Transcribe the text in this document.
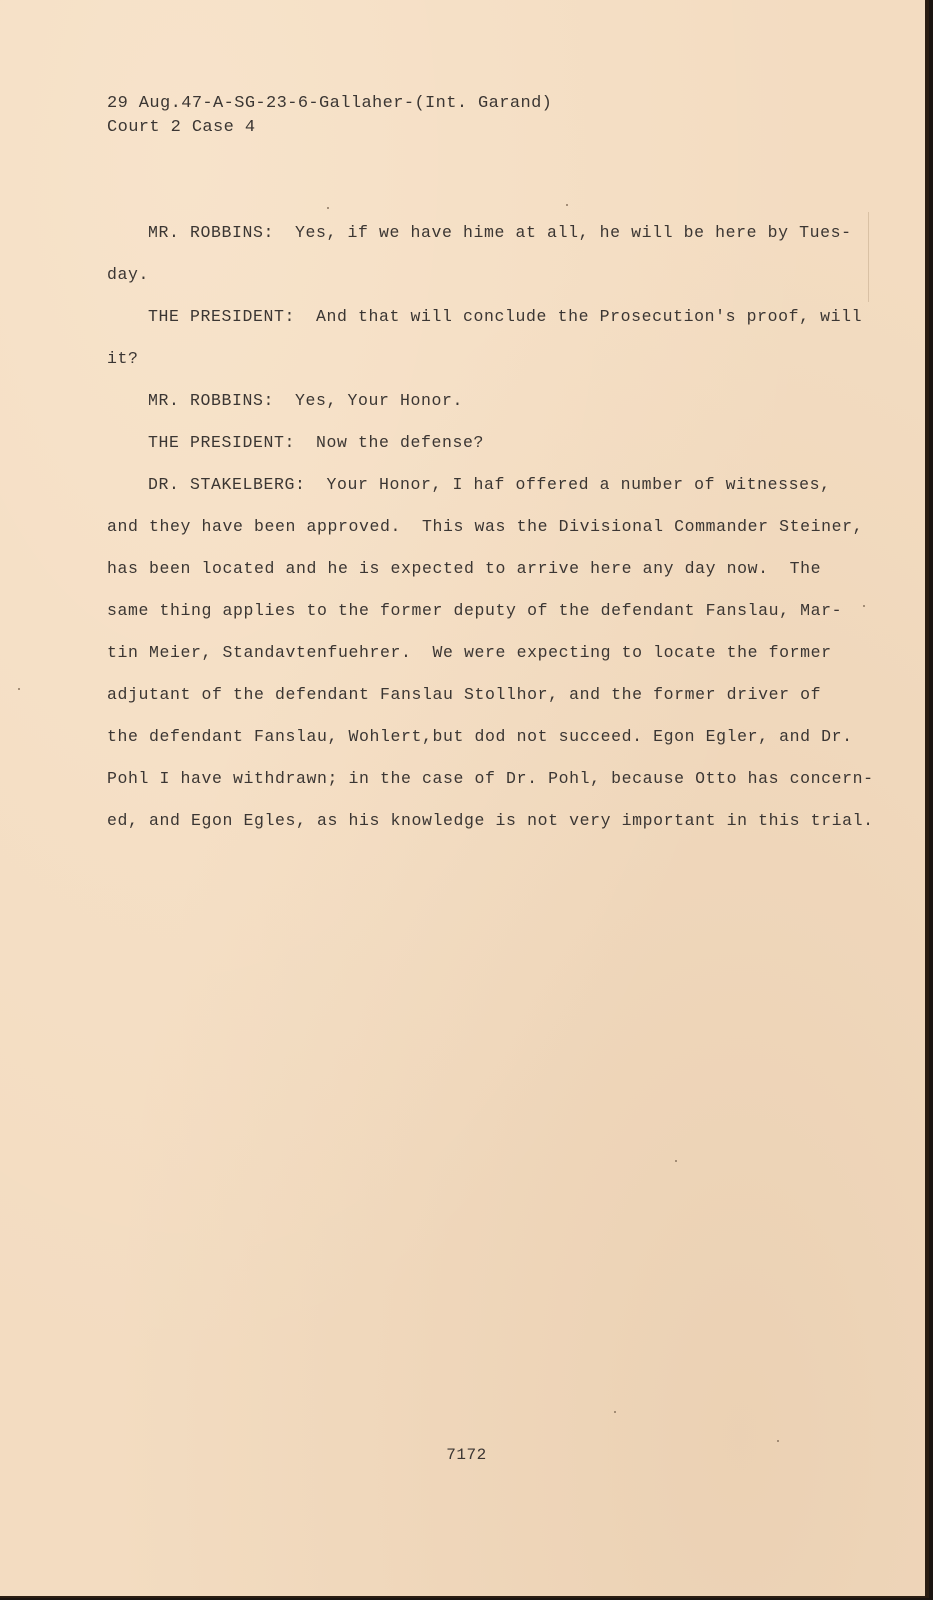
29 Aug.47-A-SG-23-6-Gallaher-(Int. Garand)
Court 2 Case 4
MR. ROBBINS:  Yes, if we have hime at all, he will be here by Tues-
day.
THE PRESIDENT:  And that will conclude the Prosecution's proof, will
it?
MR. ROBBINS:  Yes, Your Honor.
THE PRESIDENT:  Now the defense?
DR. STAKELBERG:  Your Honor, I haf offered a number of witnesses,
and they have been approved.  This was the Divisional Commander Steiner,
has been located and he is expected to arrive here any day now.  The
same thing applies to the former deputy of the defendant Fanslau, Mar-
tin Meier, Standavtenfuehrer.  We were expecting to locate the former
adjutant of the defendant Fanslau Stollhor, and the former driver of
the defendant Fanslau, Wohlert,but dod not succeed. Egon Egler, and Dr.
Pohl I have withdrawn; in the case of Dr. Pohl, because Otto has concern-
ed, and Egon Egles, as his knowledge is not very important in this trial.
7172
